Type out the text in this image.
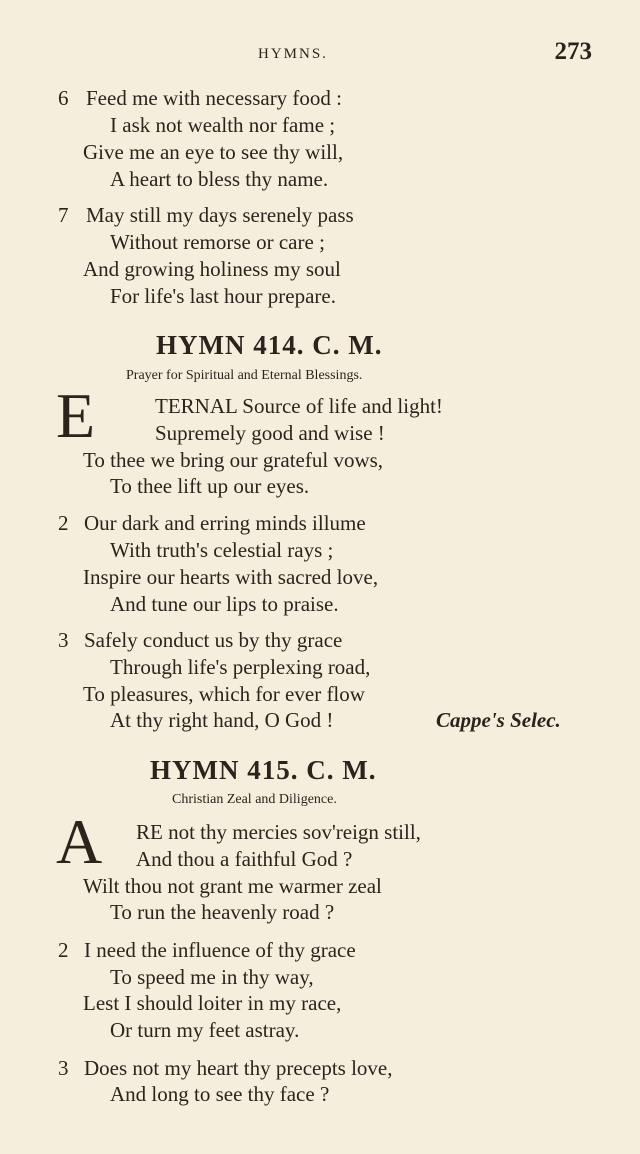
HYMNS.	273
6 Feed me with necessary food :
I ask not wealth nor fame ;
Give me an eye to see thy will,
A heart to bless thy name.
7 May still my days serenely pass
Without remorse or care ;
And growing holiness my soul
For life's last hour prepare.
HYMN 414. C. M.
Prayer for Spiritual and Eternal Blessings.
E	TERNAL Source of life and light!
Supremely good and wise !
To thee we bring our grateful vows,
To thee lift up our eyes.
2 Our dark and erring minds illume
With truth's celestial rays ;
Inspire our hearts with sacred love,
And tune our lips to praise.
3 Safely conduct us by thy grace
Through life's perplexing road,
To pleasures, which for ever flow
At thy right hand, O God !	Cappe's Selec.
HYMN 415. C. M.
Christian Zeal and Diligence.
A RE not thy mercies sov'reign still,
And thou a faithful God ?
Wilt thou not grant me warmer zeal
To run the heavenly road ?
2 I need the influence of thy grace
To speed me in thy way,
Lest I should loiter in my race,
Or turn my feet astray.
3 Does not my heart thy precepts love,
And long to see thy face ?
